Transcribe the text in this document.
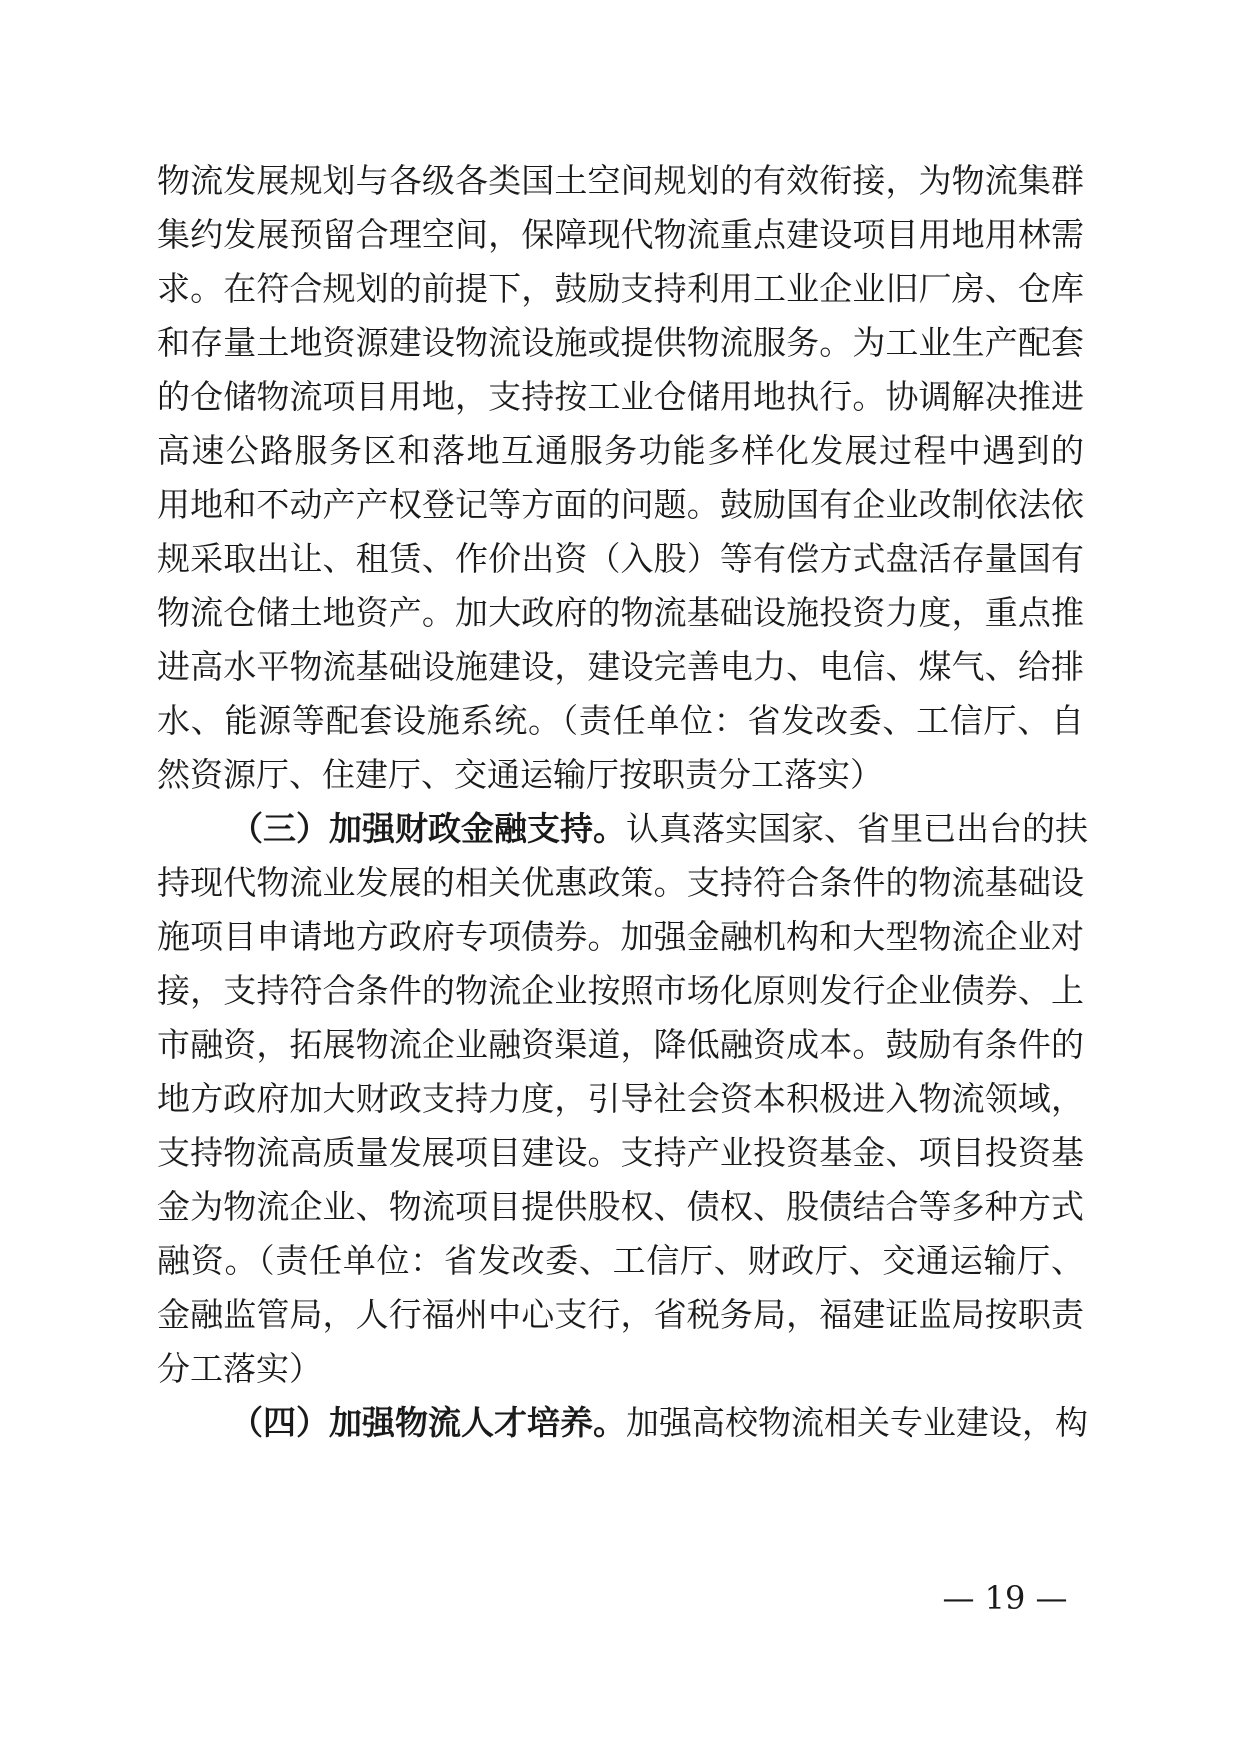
物流发展规划与各级各类国土空间规划的有效衔接，为物流集群
集约发展预留合理空间，保障现代物流重点建设项目用地用林需
求。在符合规划的前提下，鼓励支持利用工业企业旧厂房、仓库
和存量土地资源建设物流设施或提供物流服务。为工业生产配套
的仓储物流项目用地，支持按工业仓储用地执行。协调解决推进
高速公路服务区和落地互通服务功能多样化发展过程中遇到的
用地和不动产产权登记等方面的问题。鼓励国有企业改制依法依
规采取出让、租赁、作价出资（入股）等有偿方式盘活存量国有
物流仓储土地资产。加大政府的物流基础设施投资力度，重点推
进高水平物流基础设施建设，建设完善电力、电信、煤气、给排
水、能源等配套设施系统。（责任单位：省发改委、工信厅、自
然资源厅、住建厅、交通运输厅按职责分工落实）
（三）加强财政金融支持。认真落实国家、省里已出台的扶
持现代物流业发展的相关优惠政策。支持符合条件的物流基础设
施项目申请地方政府专项债券。加强金融机构和大型物流企业对
接，支持符合条件的物流企业按照市场化原则发行企业债券、上
市融资，拓展物流企业融资渠道，降低融资成本。鼓励有条件的
地方政府加大财政支持力度，引导社会资本积极进入物流领域，
支持物流高质量发展项目建设。支持产业投资基金、项目投资基
金为物流企业、物流项目提供股权、债权、股债结合等多种方式
融资。（责任单位：省发改委、工信厅、财政厅、交通运输厅、
金融监管局，人行福州中心支行，省税务局，福建证监局按职责
分工落实）
（四）加强物流人才培养。加强高校物流相关专业建设，构
— 19 —
